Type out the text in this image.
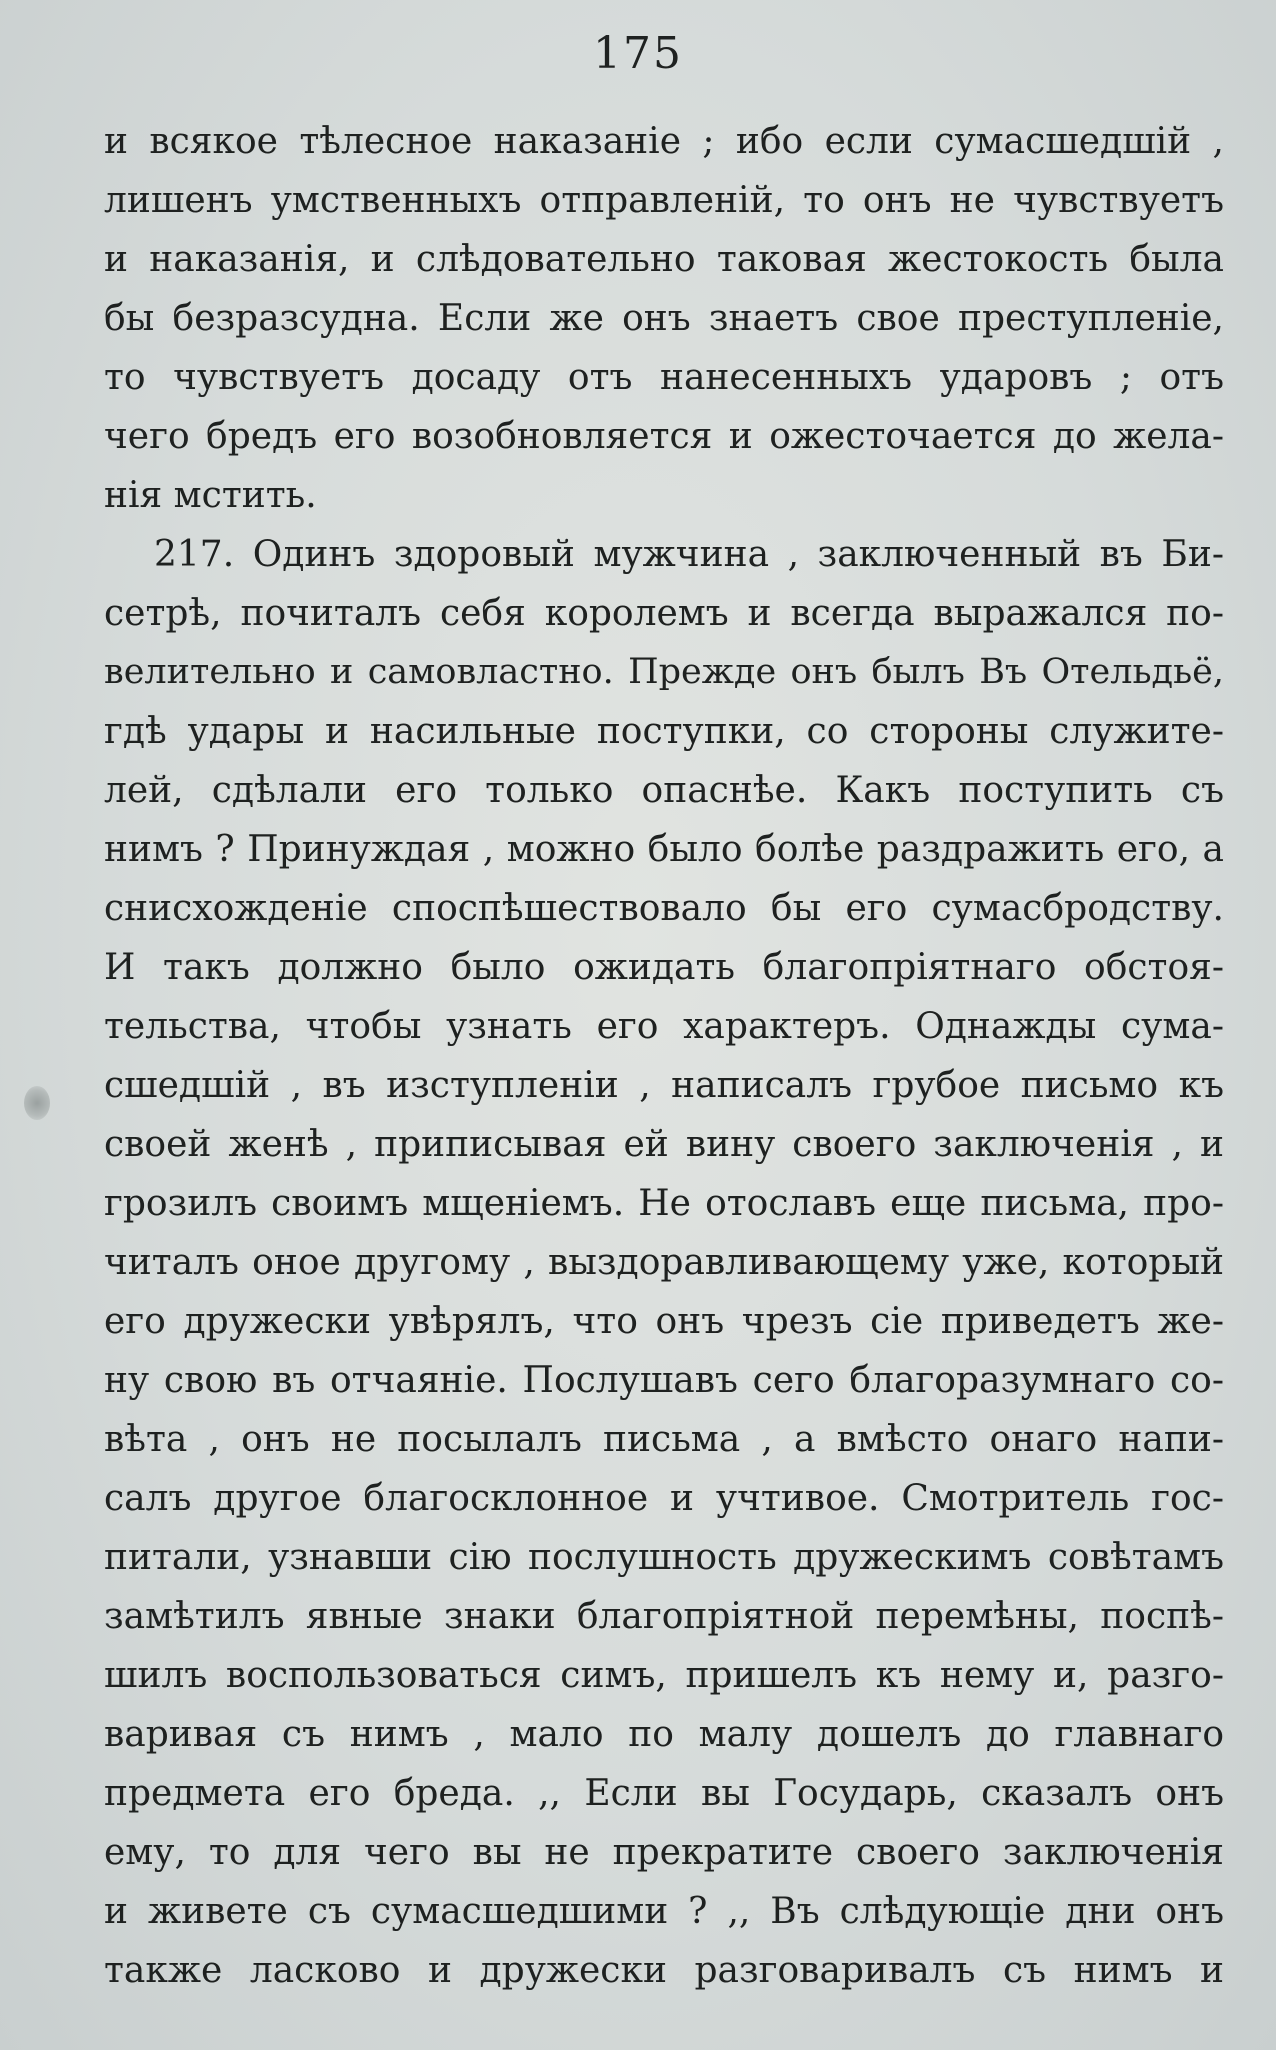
175
и всякое тѣлесное наказаніе ; ибо если сумасшедшій ,
лишенъ умственныхъ отправленій, то онъ не чувствуетъ
и наказанія, и слѣдовательно таковая жестокость была
бы безразсудна. Если же онъ знаетъ свое преступленіе,
то чувствуетъ досаду отъ нанесенныхъ ударовъ ; отъ
чего бредъ его возобновляется и ожесточается до жела-
нія мстить.
217. Одинъ здоровый мужчина , заключенный въ Би-
сетрѣ, почиталъ себя королемъ и всегда выражался по-
велительно и самовластно. Прежде онъ былъ Въ Отельдьё,
гдѣ удары и насильные поступки, со стороны служите-
лей, сдѣлали его только опаснѣе. Какъ поступить съ
нимъ ? Принуждая , можно было болѣе раздражить его, а
снисхожденіе споспѣшествовало бы его сумасбродству.
И такъ должно было ожидать благопріятнаго обстоя-
тельства, чтобы узнать его характеръ. Однажды сума-
сшедшій , въ изступленіи , написалъ грубое письмо къ
своей женѣ , приписывая ей вину своего заключенія , и
грозилъ своимъ мщеніемъ. Не отославъ еще письма, про-
читалъ оное другому , выздоравливающему уже, который
его дружески увѣрялъ, что онъ чрезъ сіе приведетъ же-
ну свою въ отчаяніе. Послушавъ сего благоразумнаго со-
вѣта , онъ не посылалъ письма , а вмѣсто онаго напи-
салъ другое благосклонное и учтивое. Смотритель гос-
питали, узнавши сію послушность дружескимъ совѣтамъ
замѣтилъ явные знаки благопріятной перемѣны, поспѣ-
шилъ воспользоваться симъ, пришелъ къ нему и, разго-
варивая съ нимъ , мало по малу дошелъ до главнаго
предмета его бреда. ,, Если вы Государь, сказалъ онъ
ему, то для чего вы не прекратите своего заключенія
и живете съ сумасшедшими ? ,, Въ слѣдующіе дни онъ
также ласково и дружески разговаривалъ съ нимъ и
